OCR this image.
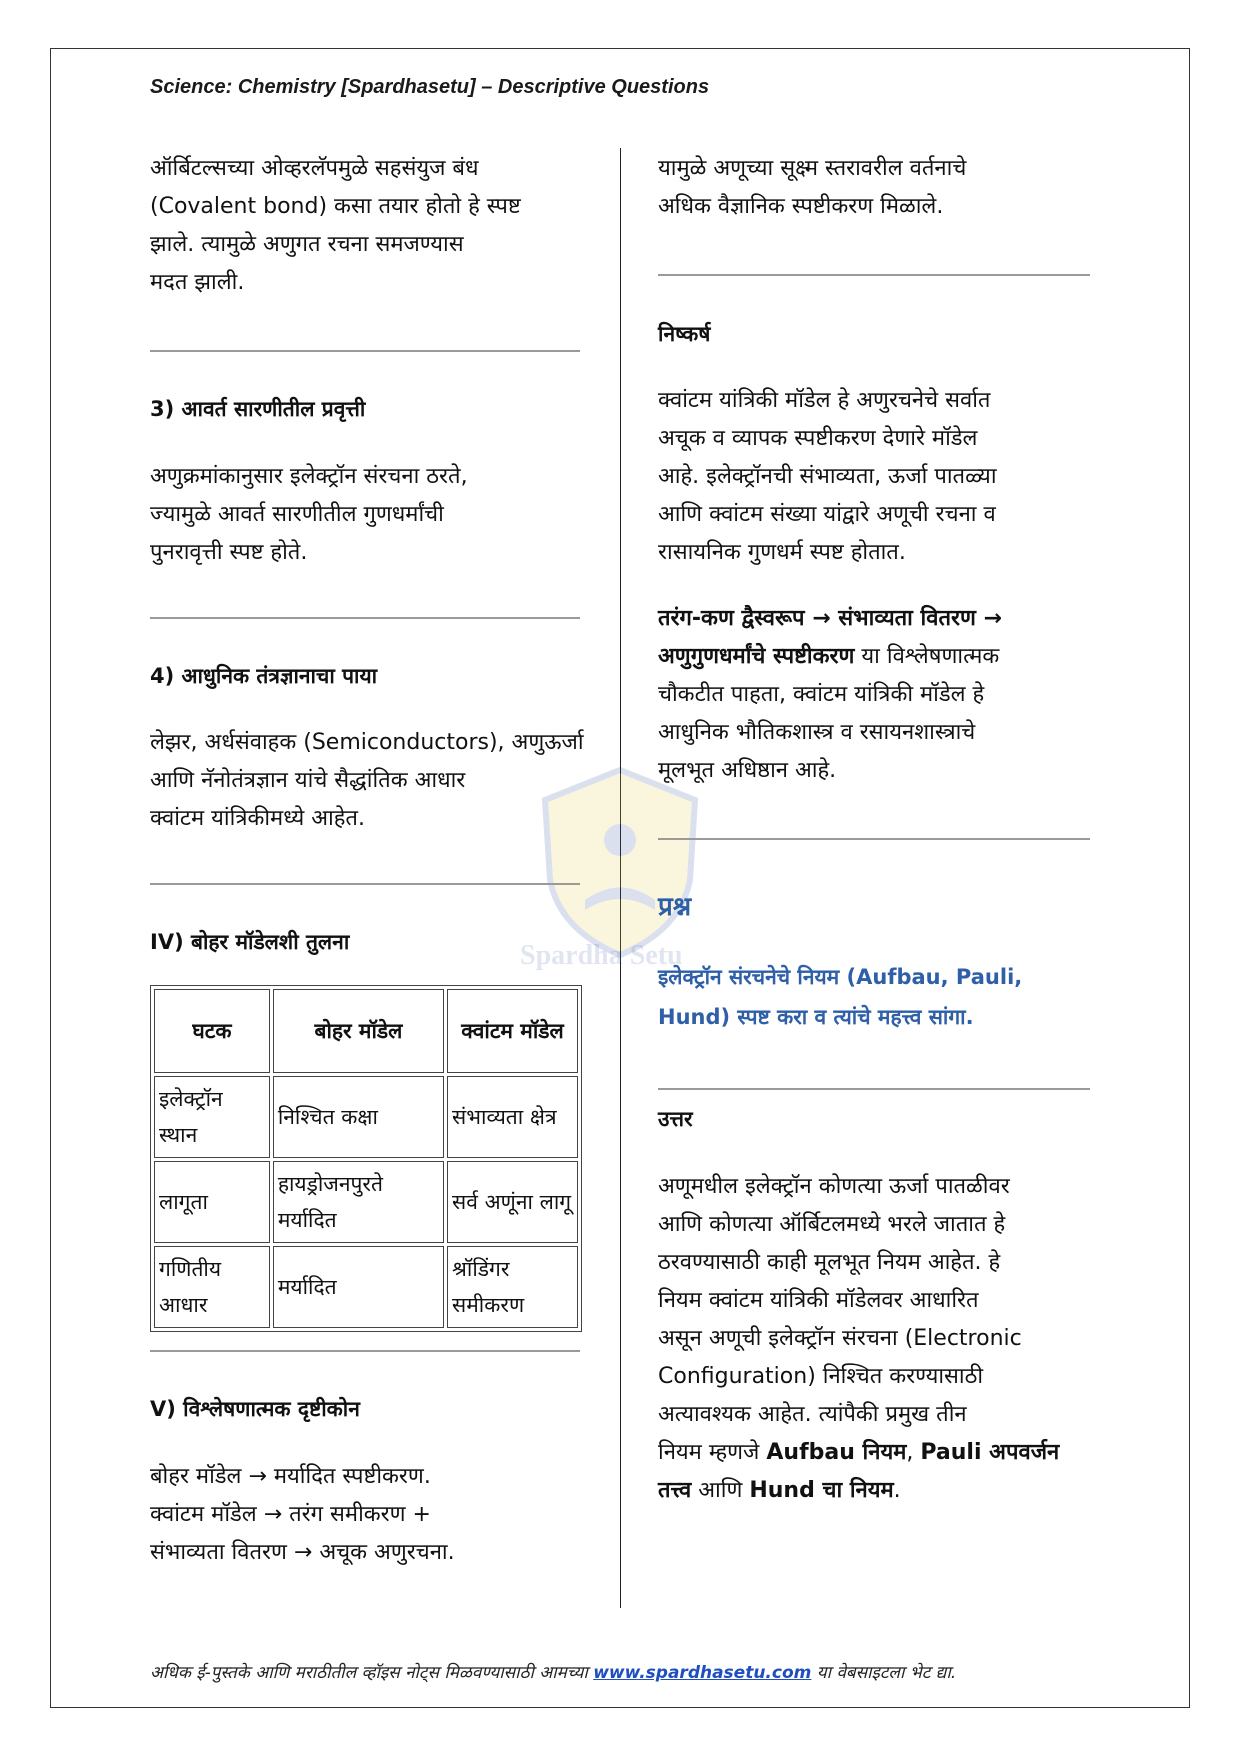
Science: Chemistry [Spardhasetu] – Descriptive Questions
Spardha Setu

ऑर्बिटल्सच्या ओव्हरलॅपमुळे सहसंयुज बंध

(Covalent bond) कसा तयार होतो हे स्पष्ट

झाले. त्यामुळे अणुगत रचना समजण्यास

मदत झाली.

3) आवर्त सारणीतील प्रवृत्ती

अणुक्रमांकानुसार इलेक्ट्रॉन संरचना ठरते,

ज्यामुळे आवर्त सारणीतील गुणधर्मांची

पुनरावृत्ती स्पष्ट होते.

4) आधुनिक तंत्रज्ञानाचा पाया

लेझर, अर्धसंवाहक (Semiconductors), अणुऊर्जा

आणि नॅनोतंत्रज्ञान यांचे सैद्धांतिक आधार

क्वांटम यांत्रिकीमध्ये आहेत.

IV) बोहर मॉडेलशी तुलना

घटक	बोहर मॉडेल	क्वांटम मॉडेल
इलेक्ट्रॉन स्थान	निश्चित कक्षा	संभाव्यता क्षेत्र
लागूता	हायड्रोजनपुरते मर्यादित	सर्व अणूंना लागू
गणितीय आधार	मर्यादित	श्रॉडिंगर समीकरण

V) विश्लेषणात्मक दृष्टीकोन

बोहर मॉडेल → मर्यादित स्पष्टीकरण.

क्वांटम मॉडेल → तरंग समीकरण +

संभाव्यता वितरण → अचूक अणुरचना.

यामुळे अणूच्या सूक्ष्म स्तरावरील वर्तनाचे

अधिक वैज्ञानिक स्पष्टीकरण मिळाले.

निष्कर्ष

क्वांटम यांत्रिकी मॉडेल हे अणुरचनेचे सर्वात

अचूक व व्यापक स्पष्टीकरण देणारे मॉडेल

आहे. इलेक्ट्रॉनची संभाव्यता, ऊर्जा पातळ्या

आणि क्वांटम संख्या यांद्वारे अणूची रचना व

रासायनिक गुणधर्म स्पष्ट होतात.

तरंग-कण द्वैस्वरूप → संभाव्यता वितरण →

अणुगुणधर्मांचे स्पष्टीकरण या विश्लेषणात्मक

चौकटीत पाहता, क्वांटम यांत्रिकी मॉडेल हे

आधुनिक भौतिकशास्त्र व रसायनशास्त्राचे

मूलभूत अधिष्ठान आहे.

प्रश्न

इलेक्ट्रॉन संरचनेचे नियम (Aufbau, Pauli,

Hund) स्पष्ट करा व त्यांचे महत्त्व सांगा.

उत्तर

अणूमधील इलेक्ट्रॉन कोणत्या ऊर्जा पातळीवर

आणि कोणत्या ऑर्बिटलमध्ये भरले जातात हे

ठरवण्यासाठी काही मूलभूत नियम आहेत. हे

नियम क्वांटम यांत्रिकी मॉडेलवर आधारित

असून अणूची इलेक्ट्रॉन संरचना (Electronic

Configuration) निश्चित करण्यासाठी

अत्यावश्यक आहेत. त्यांपैकी प्रमुख तीन

नियम म्हणजे Aufbau नियम, Pauli अपवर्जन

तत्त्व आणि Hund चा नियम.

अधिक ई-पुस्तके आणि मराठीतील व्हॉइस नोट्स मिळवण्यासाठी आमच्या www.spardhasetu.com या वेबसाइटला भेट द्या.
